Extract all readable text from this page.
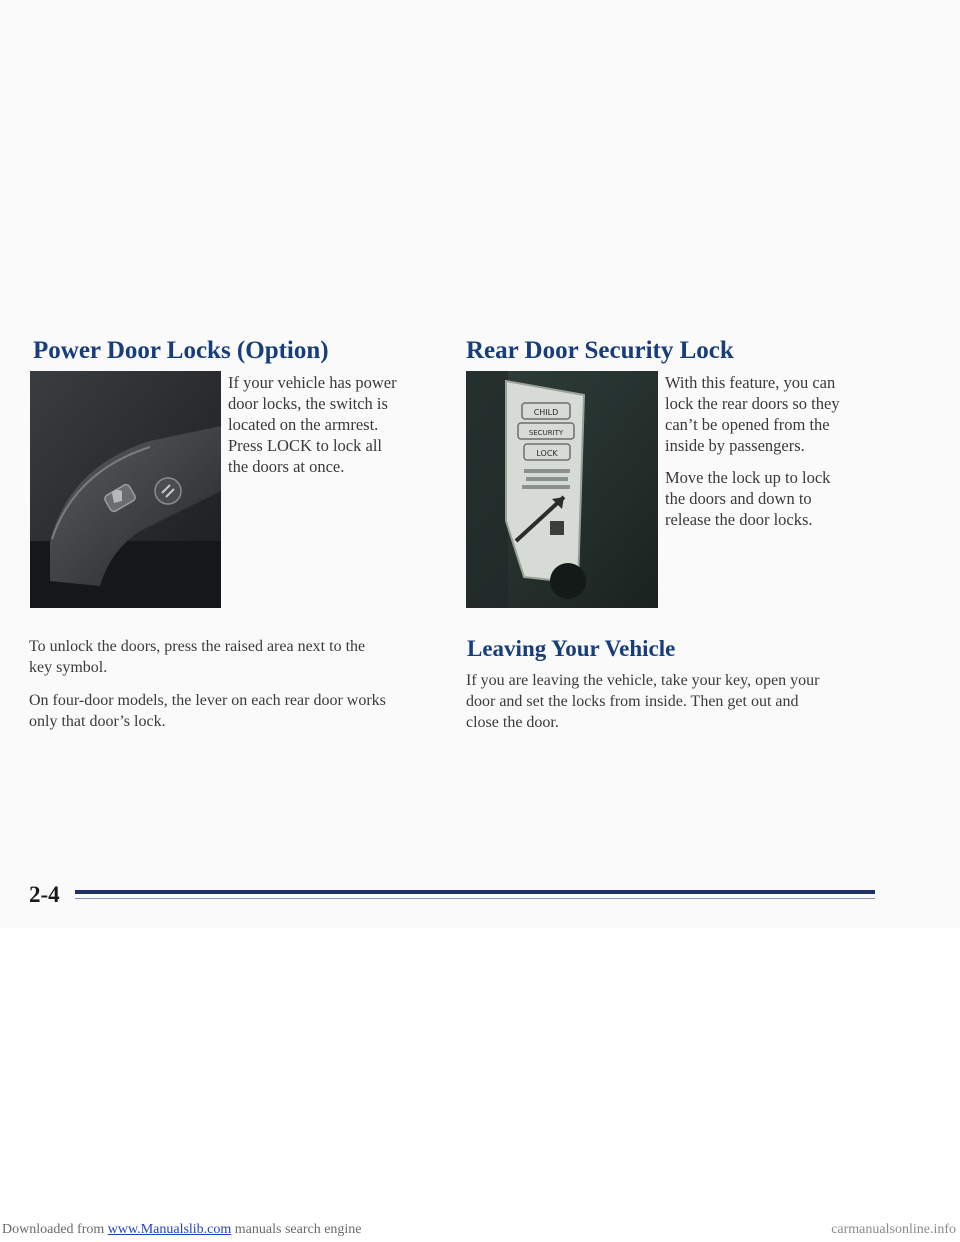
Power Door Locks (Option)
If your vehicle has power
door locks, the switch is
located on the armrest.
Press LOCK to lock all
the doors at once.

To unlock the doors, press the raised area next to the
key symbol.

On four-door models, the lever on each rear door works
only that door’s lock.

Rear Door Security Lock
CHILD
SECURITY
LOCK
With this feature, you can
lock the rear doors so they
can’t be opened from the
inside by passengers.
Move the lock up to lock
the doors and down to
release the door locks.
Leaving Your Vehicle
If you are leaving the vehicle, take your key, open your
door and set the locks from inside. Then get out and
close the door.
2-4
Downloaded from www.Manualslib.com manuals search engine	carmanualsonline.info
